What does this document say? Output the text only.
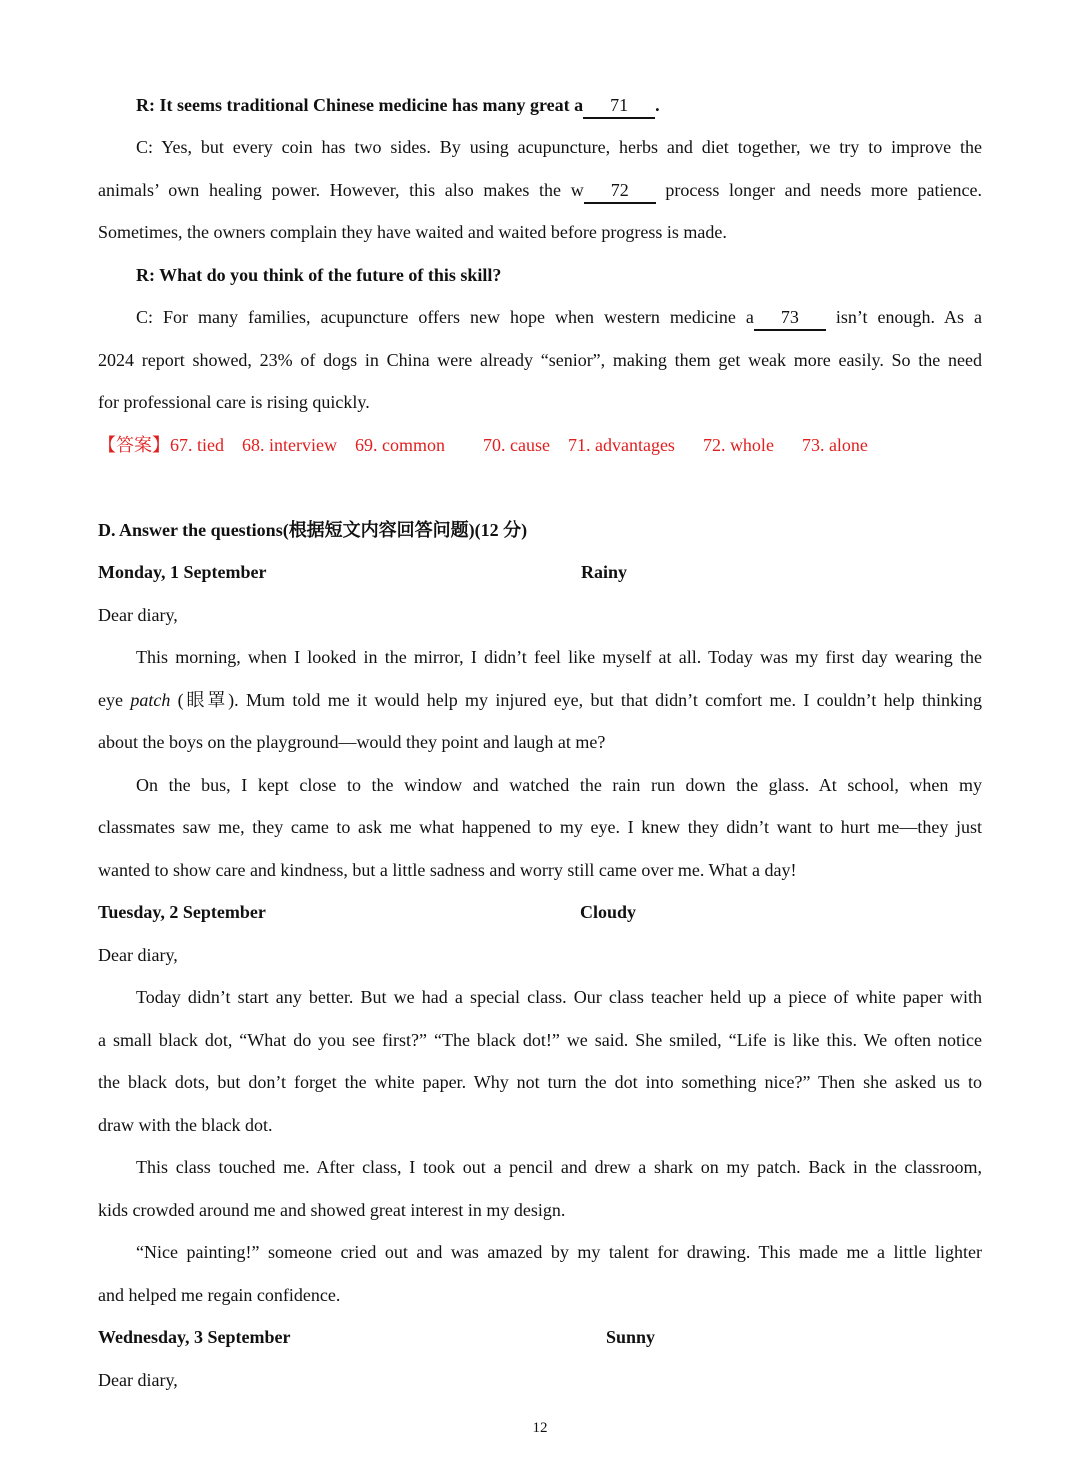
R: It seems traditional Chinese medicine has many great a 71 .
C: Yes, but every coin has two sides. By using acupuncture, herbs and diet together, we try to improve the
animals’ own healing power. However, this also makes the w 72       process longer and needs more patience.
Sometimes, the owners complain they have waited and waited before progress is made.
R: What do you think of the future of this skill?
C: For many families, acupuncture offers new hope when western medicine a 73       isn’t enough. As a
2024 report showed, 23% of dogs in China were already “senior”, making them get weak more easily. So the need
for professional care is rising quickly.
【答案】67. tied 68. interview 69. common 70. cause 71. advantages 72. whole 73. alone
D. Answer the questions(根据短文内容回答问题)(12 分)
Monday, 1 September	Rainy
Dear diary,
This morning, when I looked in the mirror, I didn’t feel like myself at all. Today was my first day wearing the
eye patch (眼罩). Mum told me it would help my injured eye, but that didn’t comfort me. I couldn’t help thinking
about the boys on the playground—would they point and laugh at me?
On the bus, I kept close to the window and watched the rain run down the glass. At school, when my
classmates saw me, they came to ask me what happened to my eye. I knew they didn’t want to hurt me—they just
wanted to show care and kindness, but a little sadness and worry still came over me. What a day!
Tuesday, 2 September	Cloudy
Dear diary,
Today didn’t start any better. But we had a special class. Our class teacher held up a piece of white paper with
a small black dot, “What do you see first?” “The black dot!” we said. She smiled, “Life is like this. We often notice
the black dots, but don’t forget the white paper. Why not turn the dot into something nice?” Then she asked us to
draw with the black dot.
This class touched me. After class, I took out a pencil and drew a shark on my patch. Back in the classroom,
kids crowded around me and showed great interest in my design.
“Nice painting!” someone cried out and was amazed by my talent for drawing. This made me a little lighter
and helped me regain confidence.
Wednesday, 3 September	Sunny
Dear diary,
12
